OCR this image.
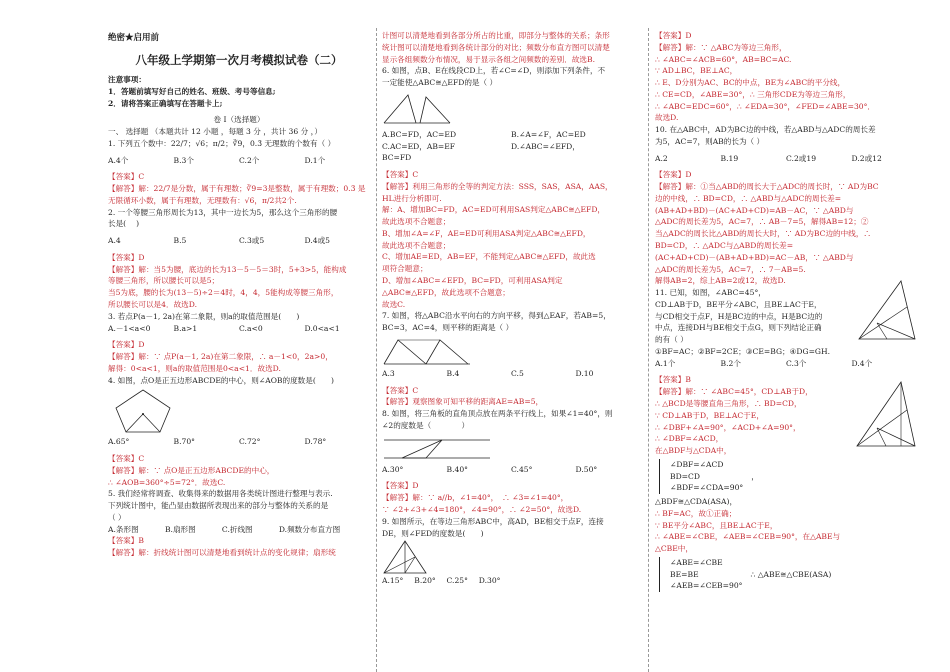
绝密★启用前

八年级上学期第一次月考模拟试卷（二）

注意事项：

1．答题前填写好自己的姓名、班级、考号等信息;

2．请将答案正确填写在答题卡上;

卷 I（选择题）

一、 选择题 （本题共计 12 小题 ，每题 3 分 ，共计 36 分 ，）

1. 下列五个数中：22/7；√6；π/2；∛9，0.3̄ 无理数的个数有（ ）

A.4个	B.3个	C.2个	D.1个

【答案】C

【解答】解：22/7是分数，属于有理数；∛9=3是整数，属于有理数；0.3̄ 是

无限循环小数，属于有理数，无理数有：√6，π/2共2个.

2. 一个等腰三角形周长为13，其中一边长为5，那么这个三角形的腰

长是(　 )

A.4	B.5	C.3或5	D.4或5

【答案】D

【解答】解：当5为腰，底边的长为13－5－5＝3时，5+3>5，能构成

等腰三角形，所以腰长可以是5；

当5为底，腰的长为(13－5)÷2＝4时，4，4，5能构成等腰三角形，

所以腰长可以是4．故选D.

3. 若点P(a－1, 2a)在第二象限，则a的取值范围是(　　)

A.－1<a<0	B.a>1	C.a<0	D.0<a<1

【答案】D

【解答】解：∵ 点P(a－1, 2a)在第二象限，∴ a－1<0，2a>0，

解得：0<a<1，则a的取值范围是0<a<1．故选D.

4. 如图，点O是正五边形ABCDE的中心，则∠AOB的度数是(　　)

A.65°	B.70°	C.72°	D.78°

【答案】C

【解答】解：∵ 点O是正五边形ABCDE的中心，

∴ ∠AOB=360°÷5=72°．故选C.

5. 我们经常将调查、收集得来的数据用各类统计图进行整理与表示.

下列统计图中，能凸显由数据所表现出来的部分与整体的关系的是

（ ）

A.条形图	B.扇形图	C.折线图	D.频数分布直方图

【答案】B

【解答】解：折线统计图可以清楚地看到统计点的变化规律；扇形统

计图可以清楚地看到各部分所占的比重，即部分与整体的关系；条形

统计图可以清楚地看到各统计部分的对比；频数分布直方图可以清楚

显示各组频数分布情况，易于显示各组之间频数的差别．故选B.

6. 如图，点B、E在线段CD上，若∠C=∠D，则添加下列条件，不

一定能使△ABC≅△EFD的是（ ）

A.BC=FD，AC=ED	B.∠A=∠F，AC=ED
C.AC=ED，AB=EF	D.∠ABC=∠EFD，

BC=FD

【答案】C

【解答】利用三角形的全等的判定方法：SSS，SAS，ASA，AAS，

HL进行分析即可.

解：A、增加BC=FD，AC=ED可利用SAS判定△ABC≅△EFD，

故此选项不合题意；

B、增加∠A=∠F，AE=ED可利用ASA判定△ABC≅△EFD，

故此选项不合题意；

C、增加AE=ED，AB=EF，不能判定△ABC≅△EFD，故此选

项符合题意；

D、增加∠ABC=∠EFD，BC=FD，可利用ASA判定

△ABC≅△EFD，故此选项不合题意；

故选C.

7. 如图，将△ABC沿水平向右的方向平移，得到△EAF，若AB=5，

BC=3，AC=4，则平移的距离是（ ）

A.3	B.4	C.5	D.10

【答案】C

【解答】观察图象可知平移的距离AE=AB=5，

8. 如图，将三角板的直角顶点放在两条平行线上，如果∠1=40°，则

∠2的度数是（　　　　）

A.30°	B.40°	C.45°	D.50°

【答案】D

【解答】解：∵ a//b，∠1=40°，　∴ ∠3=∠1=40°，

∵ ∠2+∠3+∠4=180°，∠4=90°，∴ ∠2=50°，故选D.

9. 如图所示，在等边三角形ABC中，高AD，BE相交于点F，连接

DE，则∠FED的度数是(　　)

A.15°	B.20°	C.25°	D.30°

【答案】D

【解答】解：∵ △ABC为等边三角形，

∴ ∠ABC=∠ACB=60°，AB=BC=AC.

∵ AD⊥BC，BE⊥AC，

∴ E、D分别为AC、BC的中点，BE为∠ABC的平分线，

∴ CE=CD，∠ABE=30°，∴ 三角形CDE为等边三角形，

∴ ∠ABC=EDC=60°，∴ ∠EDA=30°，∠FED=∠ABE=30°．

故选D.

10. 在△ABC中，AD为BC边的中线，若△ABD与△ADC的周长差

为5，AC=7，则AB的长为（ ）

A.2	B.19	C.2或19	D.2或12

【答案】D

【解答】解：①当△ABD的周长大于△ADC的周长时，∵ AD为BC

边的中线，∴ BD=CD，∴ △ABD与△ADC的周长差=

(AB+AD+BD)－(AC+AD+CD)=AB－AC，∵ △ABD与

△ADC的周长差为5，AC=7，∴ AB－7=5，解得AB=12；②

当△ADC的周长比△ABD的周长大时，∵ AD为BC边的中线，∴

BD=CD，∴ △ADC与△ABD的周长差=

(AC+AD+CD)－(AB+AD+BD)=AC－AB，∵ △ABD与

△ADC的周长差为5，AC=7，∴ 7－AB=5.

解得AB=2，综上AB=2或12，故选D.

11. 已知，如图，∠ABC=45°，

CD⊥AB于D，BE平分∠ABC，且BE⊥AC于E，

与CD相交于点F，H是BC边的中点，H是BC边的

中点，连接DH与BE相交于点G，则下列结论正确

的有（ ）

①BF=AC；②BF=2CE；③CE=BG；④DG=GH.

A.1个	B.2个	C.3个	D.4个

【答案】B

【解答】解：∵ ∠ABC=45°，CD⊥AB于D，

∴ △BCD是等腰直角三角形，∴ BD=CD，

∵ CD⊥AB于D，BE⊥AC于E，

∴ ∠DBF+∠A=90°，∠ACD+∠A=90°，

∴ ∠DBF=∠ACD，

在△BDF与△CDA中，

∠DBF=∠ACD

BD=CD

∠BDF=∠CDA=90°

，

△BDF≅△CDA(ASA)，

∴ BF=AC，故①正确；

∵ BE平分∠ABC，且BE⊥AC于E，

∴ ∠ABE=∠CBE，∠AEB=∠CEB=90°，在△ABE与

△CBE中，

∠ABE=∠CBE

BE=BE

∠AEB=∠CEB=90°

∴ △ABE≅△CBE(ASA)
